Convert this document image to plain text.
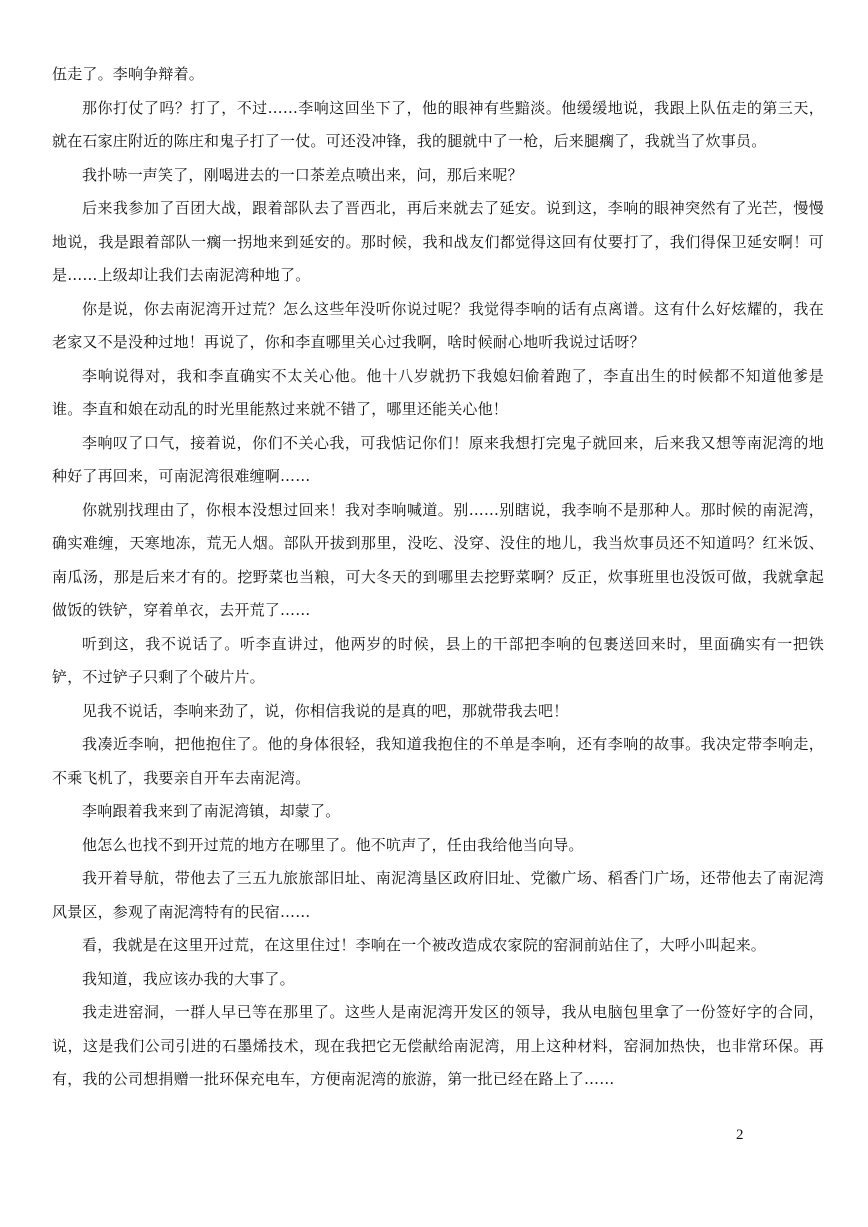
伍走了。李响争辩着。

那你打仗了吗？打了，不过……李响这回坐下了，他的眼神有些黯淡。他缓缓地说，我跟上队伍走的第三天，就在石家庄附近的陈庄和鬼子打了一仗。可还没冲锋，我的腿就中了一枪，后来腿瘸了，我就当了炊事员。

我扑哧一声笑了，刚喝进去的一口茶差点喷出来，问，那后来呢？

后来我参加了百团大战，跟着部队去了晋西北，再后来就去了延安。说到这，李响的眼神突然有了光芒，慢慢地说，我是跟着部队一瘸一拐地来到延安的。那时候，我和战友们都觉得这回有仗要打了，我们得保卫延安啊！可是……上级却让我们去南泥湾种地了。

你是说，你去南泥湾开过荒？怎么这些年没听你说过呢？我觉得李响的话有点离谱。这有什么好炫耀的，我在老家又不是没种过地！再说了，你和李直哪里关心过我啊，啥时候耐心地听我说过话呀？

李响说得对，我和李直确实不太关心他。他十八岁就扔下我媳妇偷着跑了，李直出生的时候都不知道他爹是谁。李直和娘在动乱的时光里能熬过来就不错了，哪里还能关心他！

李响叹了口气，接着说，你们不关心我，可我惦记你们！原来我想打完鬼子就回来，后来我又想等南泥湾的地种好了再回来，可南泥湾很难缠啊……

你就别找理由了，你根本没想过回来！我对李响喊道。别……别瞎说，我李响不是那种人。那时候的南泥湾，确实难缠，天寒地冻，荒无人烟。部队开拔到那里，没吃、没穿、没住的地儿，我当炊事员还不知道吗？红米饭、南瓜汤，那是后来才有的。挖野菜也当粮，可大冬天的到哪里去挖野菜啊？反正，炊事班里也没饭可做，我就拿起做饭的铁铲，穿着单衣，去开荒了……

听到这，我不说话了。听李直讲过，他两岁的时候，县上的干部把李响的包裹送回来时，里面确实有一把铁铲，不过铲子只剩了个破片片。

见我不说话，李响来劲了，说，你相信我说的是真的吧，那就带我去吧！

我凑近李响，把他抱住了。他的身体很轻，我知道我抱住的不单是李响，还有李响的故事。我决定带李响走，不乘飞机了，我要亲自开车去南泥湾。

李响跟着我来到了南泥湾镇，却蒙了。

他怎么也找不到开过荒的地方在哪里了。他不吭声了，任由我给他当向导。

我开着导航，带他去了三五九旅旅部旧址、南泥湾垦区政府旧址、党徽广场、稻香门广场，还带他去了南泥湾风景区，参观了南泥湾特有的民宿……

看，我就是在这里开过荒，在这里住过！李响在一个被改造成农家院的窑洞前站住了，大呼小叫起来。

我知道，我应该办我的大事了。

我走进窑洞，一群人早已等在那里了。这些人是南泥湾开发区的领导，我从电脑包里拿了一份签好字的合同，说，这是我们公司引进的石墨烯技术，现在我把它无偿献给南泥湾，用上这种材料，窑洞加热快，也非常环保。再有，我的公司想捐赠一批环保充电车，方便南泥湾的旅游，第一批已经在路上了……

2
